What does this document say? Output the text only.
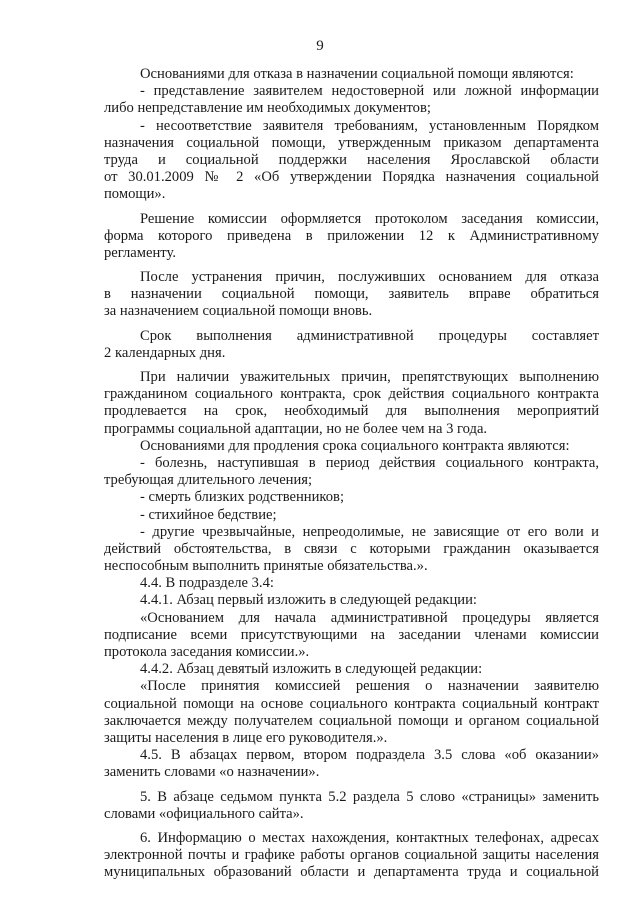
9
Основаниями для отказа в назначении социальной помощи являются:
- представление заявителем недостоверной или ложной информации
либо непредставление им необходимых документов;
- несоответствие заявителя требованиям, установленным Порядком
назначения социальной помощи, утвержденным приказом департамента
труда и социальной поддержки населения Ярославской области
от 30.01.2009 № 2 «Об утверждении Порядка назначения социальной
помощи».
Решение комиссии оформляется протоколом заседания комиссии,
форма которого приведена в приложении 12 к Административному
регламенту.
После устранения причин, послуживших основанием для отказа
в назначении социальной помощи, заявитель вправе обратиться
за назначением социальной помощи вновь.
Срок выполнения административной процедуры составляет
2 календарных дня.
При наличии уважительных причин, препятствующих выполнению
гражданином социального контракта, срок действия социального контракта
продлевается на срок, необходимый для выполнения мероприятий
программы социальной адаптации, но не более чем на 3 года.
Основаниями для продления срока социального контракта являются:
- болезнь, наступившая в период действия социального контракта,
требующая длительного лечения;
- смерть близких родственников;
- стихийное бедствие;
- другие чрезвычайные, непреодолимые, не зависящие от его воли и
действий обстоятельства, в связи с которыми гражданин оказывается
неспособным выполнить принятые обязательства.».
4.4. В подразделе 3.4:
4.4.1. Абзац первый изложить в следующей редакции:
«Основанием для начала административной процедуры является
подписание всеми присутствующими на заседании членами комиссии
протокола заседания комиссии.».
4.4.2. Абзац девятый изложить в следующей редакции:
«После принятия комиссией решения о назначении заявителю
социальной помощи на основе социального контракта социальный контракт
заключается между получателем социальной помощи и органом социальной
защиты населения в лице его руководителя.».
4.5. В абзацах первом, втором подраздела 3.5 слова «об оказании»
заменить словами «о назначении».
5. В абзаце седьмом пункта 5.2 раздела 5 слово «страницы» заменить
словами «официального сайта».
6. Информацию о местах нахождения, контактных телефонах, адресах
электронной почты и графике работы органов социальной защиты населения
муниципальных образований области и департамента труда и социальной
